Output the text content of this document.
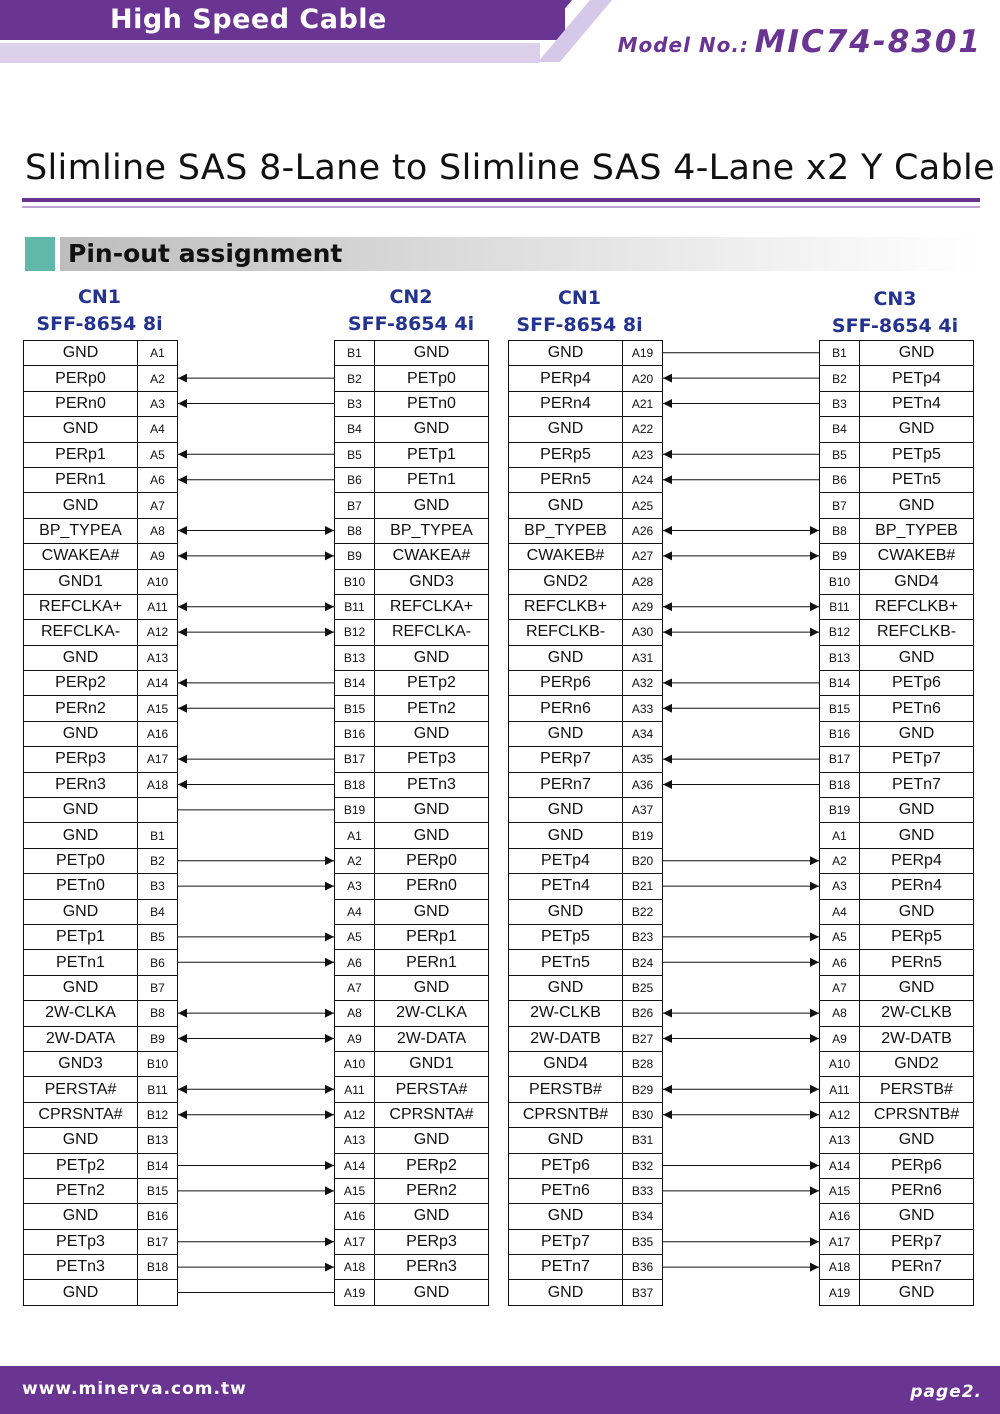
High Speed Cable
Model No.: MIC74-8301
Slimline SAS 8-Lane to Slimline SAS 4-Lane x2 Y Cable
Pin-out assignment
CN1
SFF-8654 8i
CN2
SFF-8654 4i
CN1
SFF-8654 8i
CN3
SFF-8654 4i
GND	A1
PERp0	A2
PERn0	A3
GND	A4
PERp1	A5
PERn1	A6
GND	A7
BP_TYPEA	A8
CWAKEA#	A9
GND1	A10
REFCLKA+	A11
REFCLKA-	A12
GND	A13
PERp2	A14
PERn2	A15
GND	A16
PERp3	A17
PERn3	A18
GND
GND	B1
PETp0	B2
PETn0	B3
GND	B4
PETp1	B5
PETn1	B6
GND	B7
2W-CLKA	B8
2W-DATA	B9
GND3	B10
PERSTA#	B11
CPRSNTA#	B12
GND	B13
PETp2	B14
PETn2	B15
GND	B16
PETp3	B17
PETn3	B18
GND
B1	GND
B2	PETp0
B3	PETn0
B4	GND
B5	PETp1
B6	PETn1
B7	GND
B8	BP_TYPEA
B9	CWAKEA#
B10	GND3
B11	REFCLKA+
B12	REFCLKA-
B13	GND
B14	PETp2
B15	PETn2
B16	GND
B17	PETp3
B18	PETn3
B19	GND
A1	GND
A2	PERp0
A3	PERn0
A4	GND
A5	PERp1
A6	PERn1
A7	GND
A8	2W-CLKA
A9	2W-DATA
A10	GND1
A11	PERSTA#
A12	CPRSNTA#
A13	GND
A14	PERp2
A15	PERn2
A16	GND
A17	PERp3
A18	PERn3
A19	GND
GND	A19
PERp4	A20
PERn4	A21
GND	A22
PERp5	A23
PERn5	A24
GND	A25
BP_TYPEB	A26
CWAKEB#	A27
GND2	A28
REFCLKB+	A29
REFCLKB-	A30
GND	A31
PERp6	A32
PERn6	A33
GND	A34
PERp7	A35
PERn7	A36
GND	A37
GND	B19
PETp4	B20
PETn4	B21
GND	B22
PETp5	B23
PETn5	B24
GND	B25
2W-CLKB	B26
2W-DATB	B27
GND4	B28
PERSTB#	B29
CPRSNTB#	B30
GND	B31
PETp6	B32
PETn6	B33
GND	B34
PETp7	B35
PETn7	B36
GND	B37
B1	GND
B2	PETp4
B3	PETn4
B4	GND
B5	PETp5
B6	PETn5
B7	GND
B8	BP_TYPEB
B9	CWAKEB#
B10	GND4
B11	REFCLKB+
B12	REFCLKB-
B13	GND
B14	PETp6
B15	PETn6
B16	GND
B17	PETp7
B18	PETn7
B19	GND
A1	GND
A2	PERp4
A3	PERn4
A4	GND
A5	PERp5
A6	PERn5
A7	GND
A8	2W-CLKB
A9	2W-DATB
A10	GND2
A11	PERSTB#
A12	CPRSNTB#
A13	GND
A14	PERp6
A15	PERn6
A16	GND
A17	PERp7
A18	PERn7
A19	GND
www.minerva.com.tw	page2.
